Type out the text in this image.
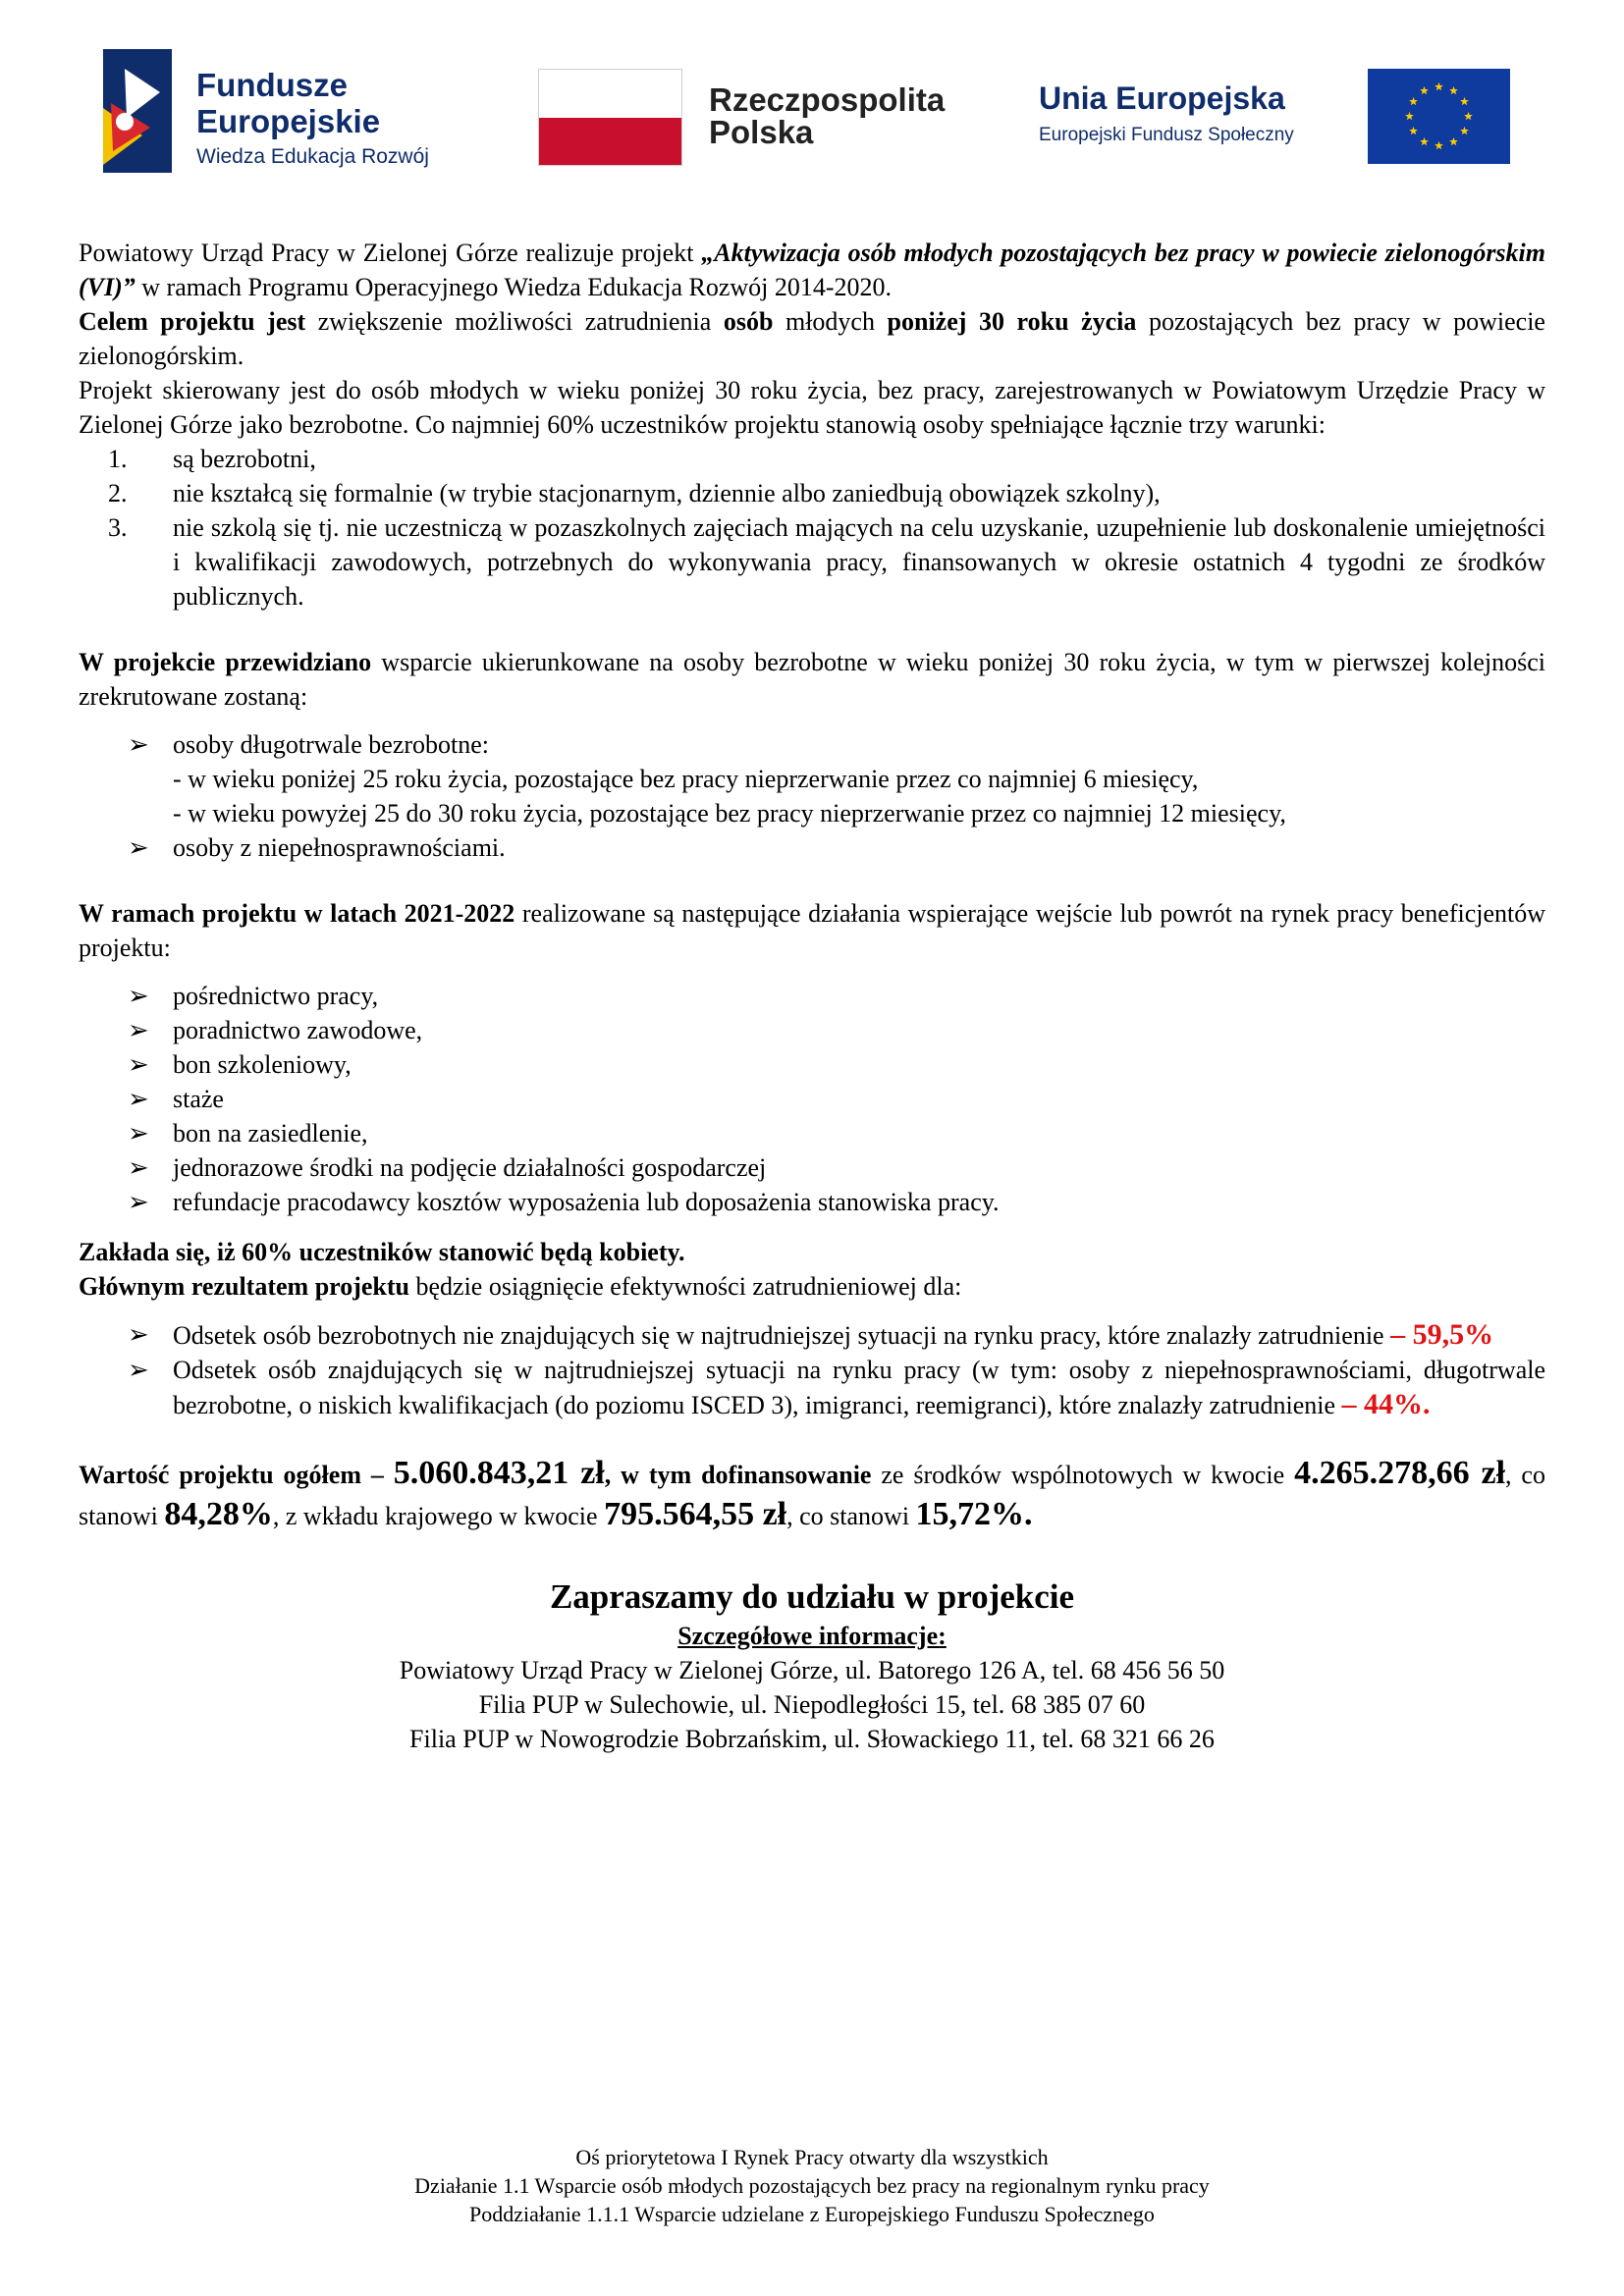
Fundusze
Europejskie
Wiedza Edukacja Rozwój
Rzeczpospolita
Polska
Unia Europejska
Europejski Fundusz Społeczny

Powiatowy Urząd Pracy w Zielonej Górze realizuje projekt „Aktywizacja osób młodych pozostających bez pracy w powiecie zielonogórskim (VI)” w ramach Programu Operacyjnego Wiedza Edukacja Rozwój 2014-2020.

Celem projektu jest zwiększenie możliwości zatrudnienia osób młodych poniżej 30 roku życia pozostających bez pracy w powiecie zielonogórskim.

Projekt skierowany jest do osób młodych w wieku poniżej 30 roku życia, bez pracy, zarejestrowanych w Powiatowym Urzędzie Pracy w Zielonej Górze jako bezrobotne. Co najmniej 60% uczestników projektu stanowią osoby spełniające łącznie trzy warunki:

1. są bezrobotni,
2. nie kształcą się formalnie (w trybie stacjonarnym, dziennie albo zaniedbują obowiązek szkolny),
3. nie szkolą się tj. nie uczestniczą w pozaszkolnych zajęciach mających na celu uzyskanie, uzupełnienie lub doskonalenie umiejętności i kwalifikacji zawodowych, potrzebnych do wykonywania pracy, finansowanych w okresie ostatnich 4 tygodni ze środków publicznych.

W projekcie przewidziano wsparcie ukierunkowane na osoby bezrobotne w wieku poniżej 30 roku życia, w tym w pierwszej kolejności zrekrutowane zostaną:

➢ osoby długotrwale bezrobotne:
- w wieku poniżej 25 roku życia, pozostające bez pracy nieprzerwanie przez co najmniej 6 miesięcy,
- w wieku powyżej 25 do 30 roku życia, pozostające bez pracy nieprzerwanie przez co najmniej 12 miesięcy,
➢ osoby z niepełnosprawnościami.

W ramach projektu w latach 2021-2022 realizowane są następujące działania wspierające wejście lub powrót na rynek pracy beneficjentów projektu:

➢ pośrednictwo pracy,
➢ poradnictwo zawodowe,
➢ bon szkoleniowy,
➢ staże
➢ bon na zasiedlenie,
➢ jednorazowe środki na podjęcie działalności gospodarczej
➢ refundacje pracodawcy kosztów wyposażenia lub doposażenia stanowiska pracy.

Zakłada się, iż 60% uczestników stanowić będą kobiety.

Głównym rezultatem projektu będzie osiągnięcie efektywności zatrudnieniowej dla:

➢ Odsetek osób bezrobotnych nie znajdujących się w najtrudniejszej sytuacji na rynku pracy, które znalazły zatrudnienie – 59,5%
➢ Odsetek osób znajdujących się w najtrudniejszej sytuacji na rynku pracy (w tym: osoby z niepełnosprawnościami, długotrwale bezrobotne, o niskich kwalifikacjach (do poziomu ISCED 3), imigranci, reemigranci), które znalazły zatrudnienie – 44%.

Wartość projektu ogółem – 5.060.843,21 zł, w tym dofinansowanie ze środków wspólnotowych w kwocie 4.265.278,66 zł, co stanowi 84,28%, z wkładu krajowego w kwocie 795.564,55 zł, co stanowi 15,72%.

Zapraszamy do udziału w projekcie
Szczegółowe informacje:
Powiatowy Urząd Pracy w Zielonej Górze, ul. Batorego 126 A, tel. 68 456 56 50
Filia PUP w Sulechowie, ul. Niepodległości 15, tel. 68 385 07 60
Filia PUP w Nowogrodzie Bobrzańskim, ul. Słowackiego 11, tel. 68 321 66 26
Oś priorytetowa I Rynek Pracy otwarty dla wszystkich
Działanie 1.1 Wsparcie osób młodych pozostających bez pracy na regionalnym rynku pracy
Poddziałanie 1.1.1 Wsparcie udzielane z Europejskiego Funduszu Społecznego
